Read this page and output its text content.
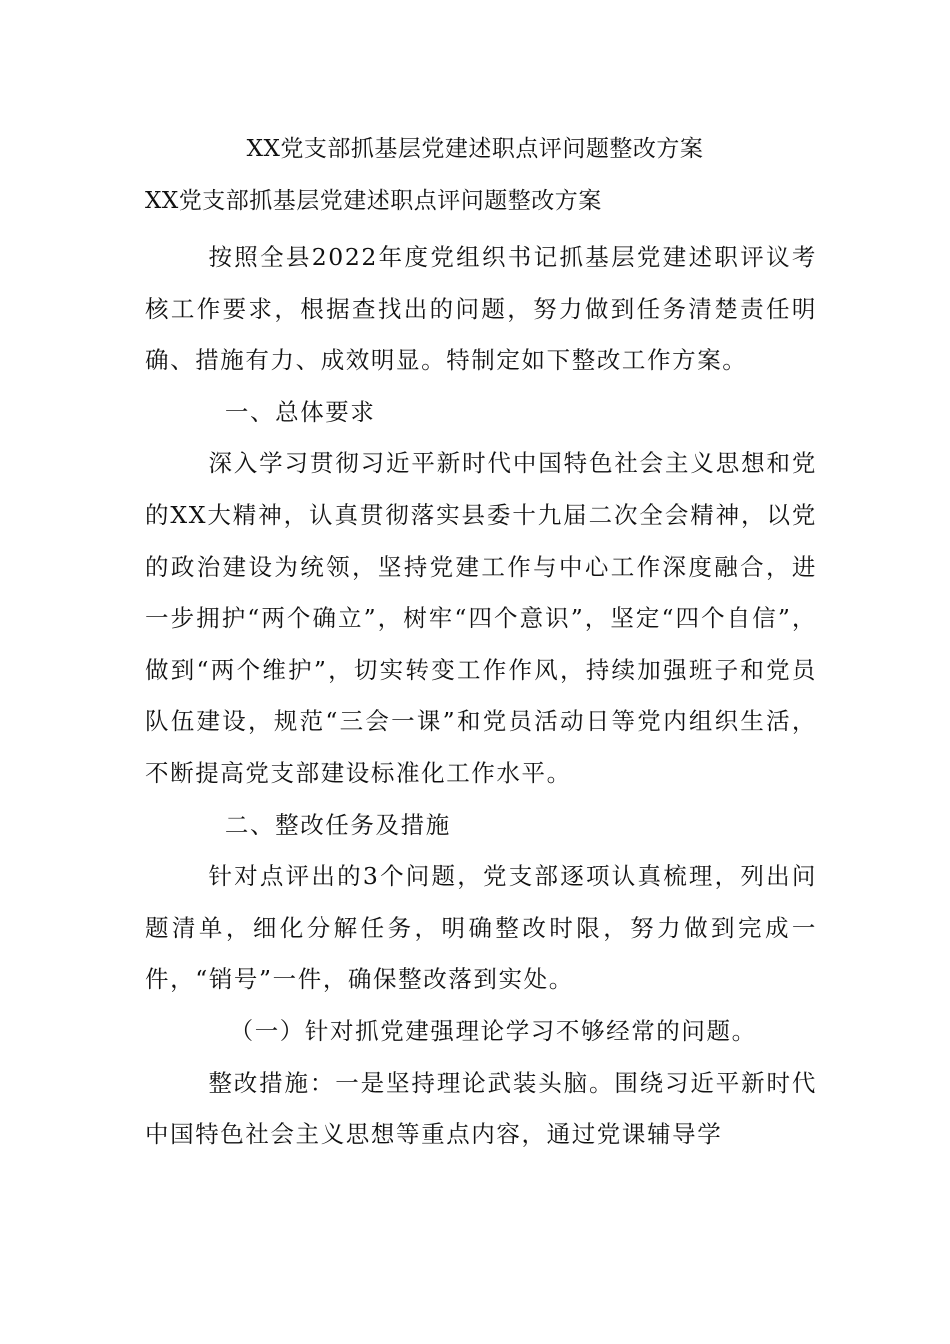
XX党支部抓基层党建述职点评问题整改方案
XX党支部抓基层党建述职点评问题整改方案

按照全县2022年度党组织书记抓基层党建述职评议考核工作要求，根据查找出的问题，努力做到任务清楚责任明确、措施有力、成效明显。特制定如下整改工作方案。

一、总体要求

深入学习贯彻习近平新时代中国特色社会主义思想和党的XX大精神，认真贯彻落实县委十九届二次全会精神，以党的政治建设为统领，坚持党建工作与中心工作深度融合，进一步拥护“两个确立”，树牢“四个意识”，坚定“四个自信”，做到“两个维护”，切实转变工作作风，持续加强班子和党员队伍建设，规范“三会一课”和党员活动日等党内组织生活，不断提高党支部建设标准化工作水平。

二、整改任务及措施

针对点评出的3个问题，党支部逐项认真梳理，列出问题清单，细化分解任务，明确整改时限，努力做到完成一件，“销号”一件，确保整改落到实处。

（一）针对抓党建强理论学习不够经常的问题。

整改措施：一是坚持理论武装头脑。围绕习近平新时代中国特色社会主义思想等重点内容，通过党课辅导学
